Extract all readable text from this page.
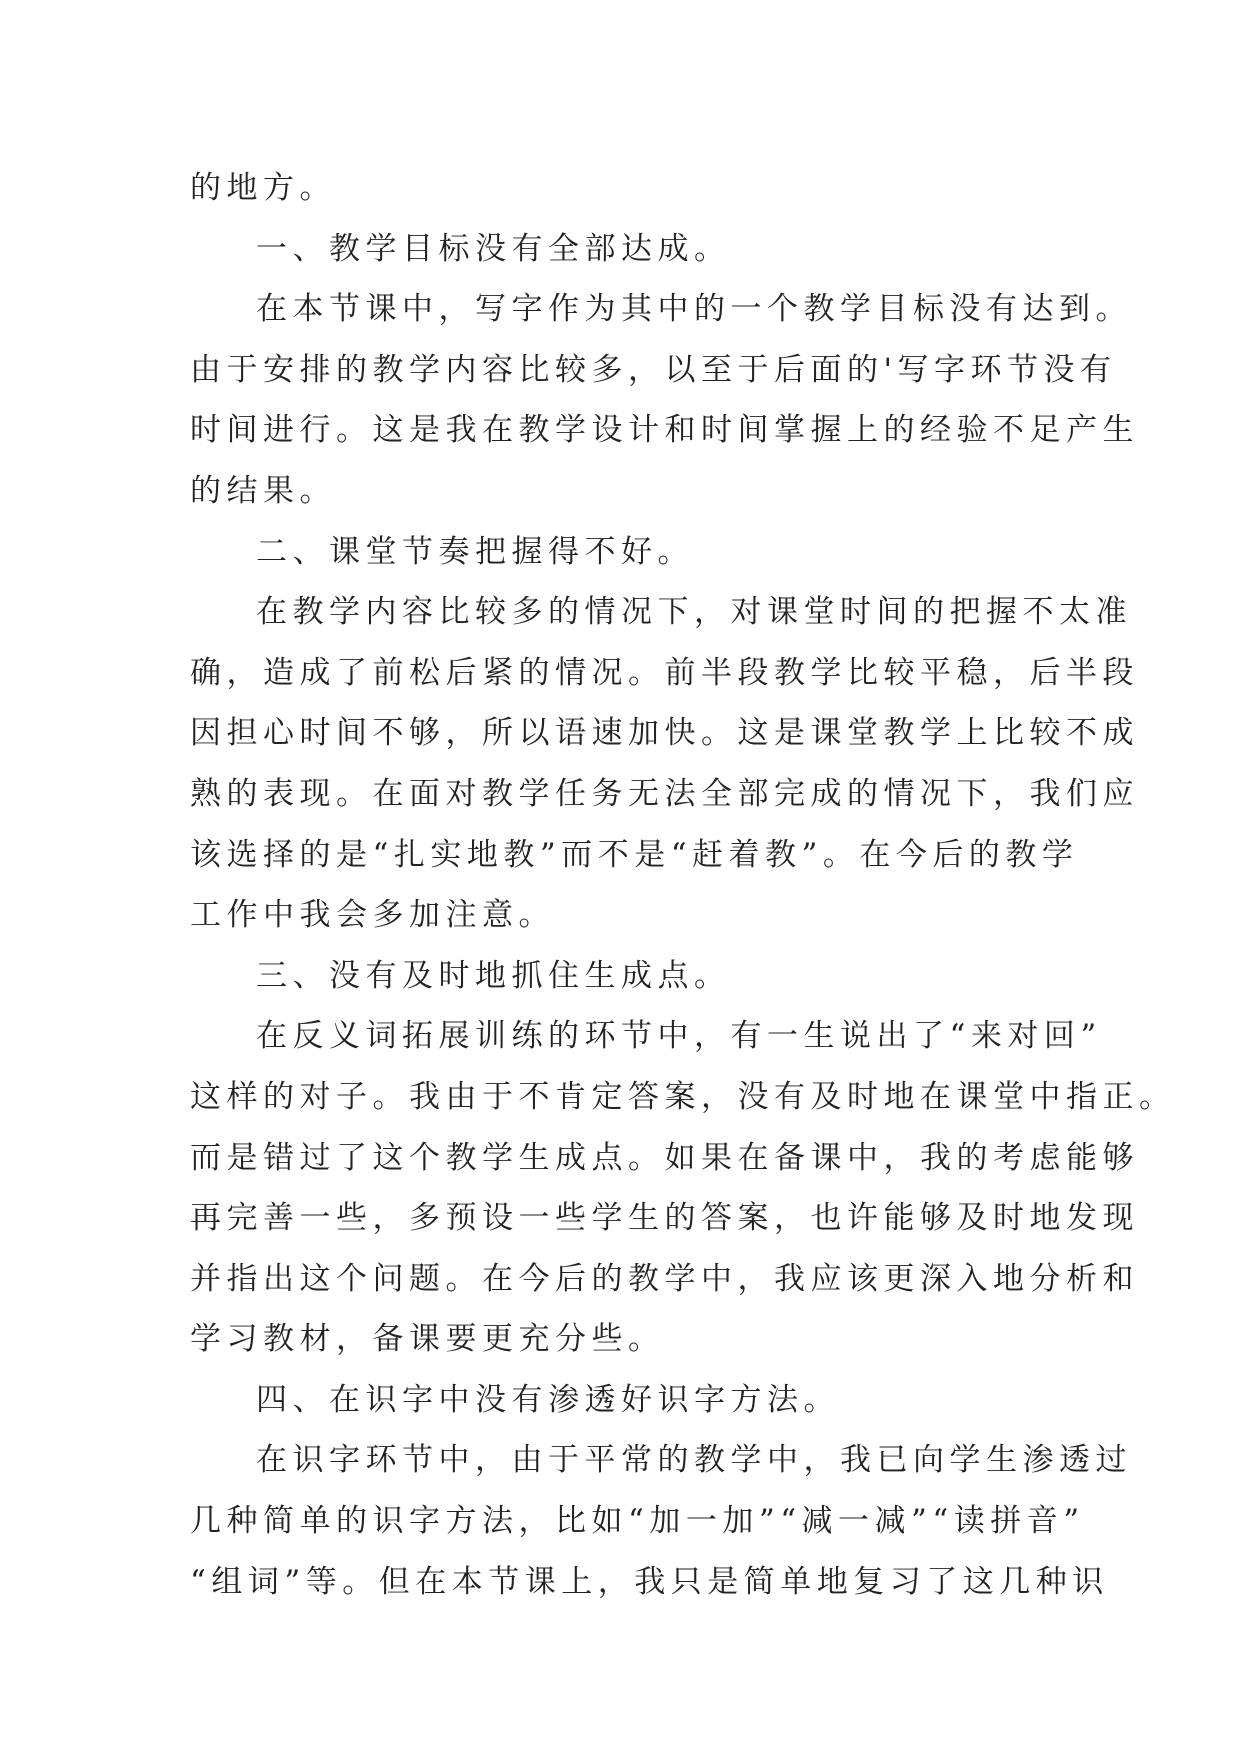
的地方。
一、教学目标没有全部达成。
在本节课中，写字作为其中的一个教学目标没有达到。
由于安排的教学内容比较多，以至于后面的'写字环节没有
时间进行。这是我在教学设计和时间掌握上的经验不足产生
的结果。
二、课堂节奏把握得不好。
在教学内容比较多的情况下，对课堂时间的把握不太准
确，造成了前松后紧的情况。前半段教学比较平稳，后半段
因担心时间不够，所以语速加快。这是课堂教学上比较不成
熟的表现。在面对教学任务无法全部完成的情况下，我们应
该选择的是“扎实地教”而不是“赶着教”。在今后的教学
工作中我会多加注意。
三、没有及时地抓住生成点。
在反义词拓展训练的环节中，有一生说出了“来对回”
这样的对子。我由于不肯定答案，没有及时地在课堂中指正。
而是错过了这个教学生成点。如果在备课中，我的考虑能够
再完善一些，多预设一些学生的答案，也许能够及时地发现
并指出这个问题。在今后的教学中，我应该更深入地分析和
学习教材，备课要更充分些。
四、在识字中没有渗透好识字方法。
在识字环节中，由于平常的教学中，我已向学生渗透过
几种简单的识字方法，比如“加一加”“减一减”“读拼音”
“组词”等。但在本节课上，我只是简单地复习了这几种识
